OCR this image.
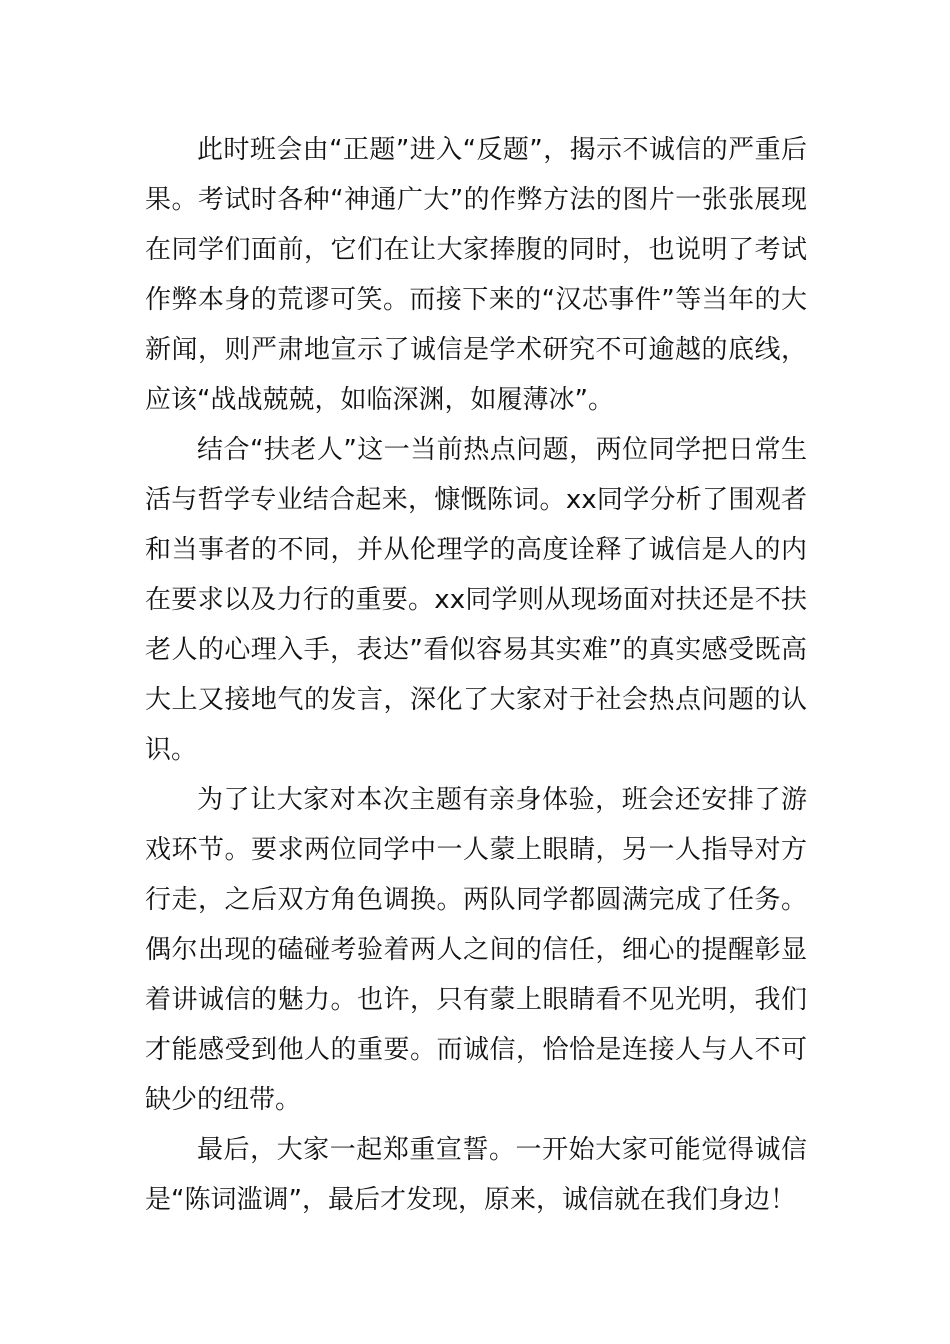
此时班会由“正题”进入“反题”，揭示不诚信的严重后果。考试时各种“神通广大”的作弊方法的图片一张张展现在同学们面前，它们在让大家捧腹的同时，也说明了考试作弊本身的荒谬可笑。而接下来的“汉芯事件”等当年的大新闻，则严肃地宣示了诚信是学术研究不可逾越的底线，应该“战战兢兢，如临深渊，如履薄冰”。

结合“扶老人”这一当前热点问题，两位同学把日常生活与哲学专业结合起来，慷慨陈词。xx同学分析了围观者和当事者的不同，并从伦理学的高度诠释了诚信是人的内在要求以及力行的重要。xx同学则从现场面对扶还是不扶老人的心理入手，表达”看似容易其实难”的真实感受既高大上又接地气的发言，深化了大家对于社会热点问题的认识。

为了让大家对本次主题有亲身体验，班会还安排了游戏环节。要求两位同学中一人蒙上眼睛，另一人指导对方行走，之后双方角色调换。两队同学都圆满完成了任务。偶尔出现的磕碰考验着两人之间的信任，细心的提醒彰显着讲诚信的魅力。也许，只有蒙上眼睛看不见光明，我们才能感受到他人的重要。而诚信，恰恰是连接人与人不可缺少的纽带。

最后，大家一起郑重宣誓。一开始大家可能觉得诚信是“陈词滥调”，最后才发现，原来，诚信就在我们身边！
